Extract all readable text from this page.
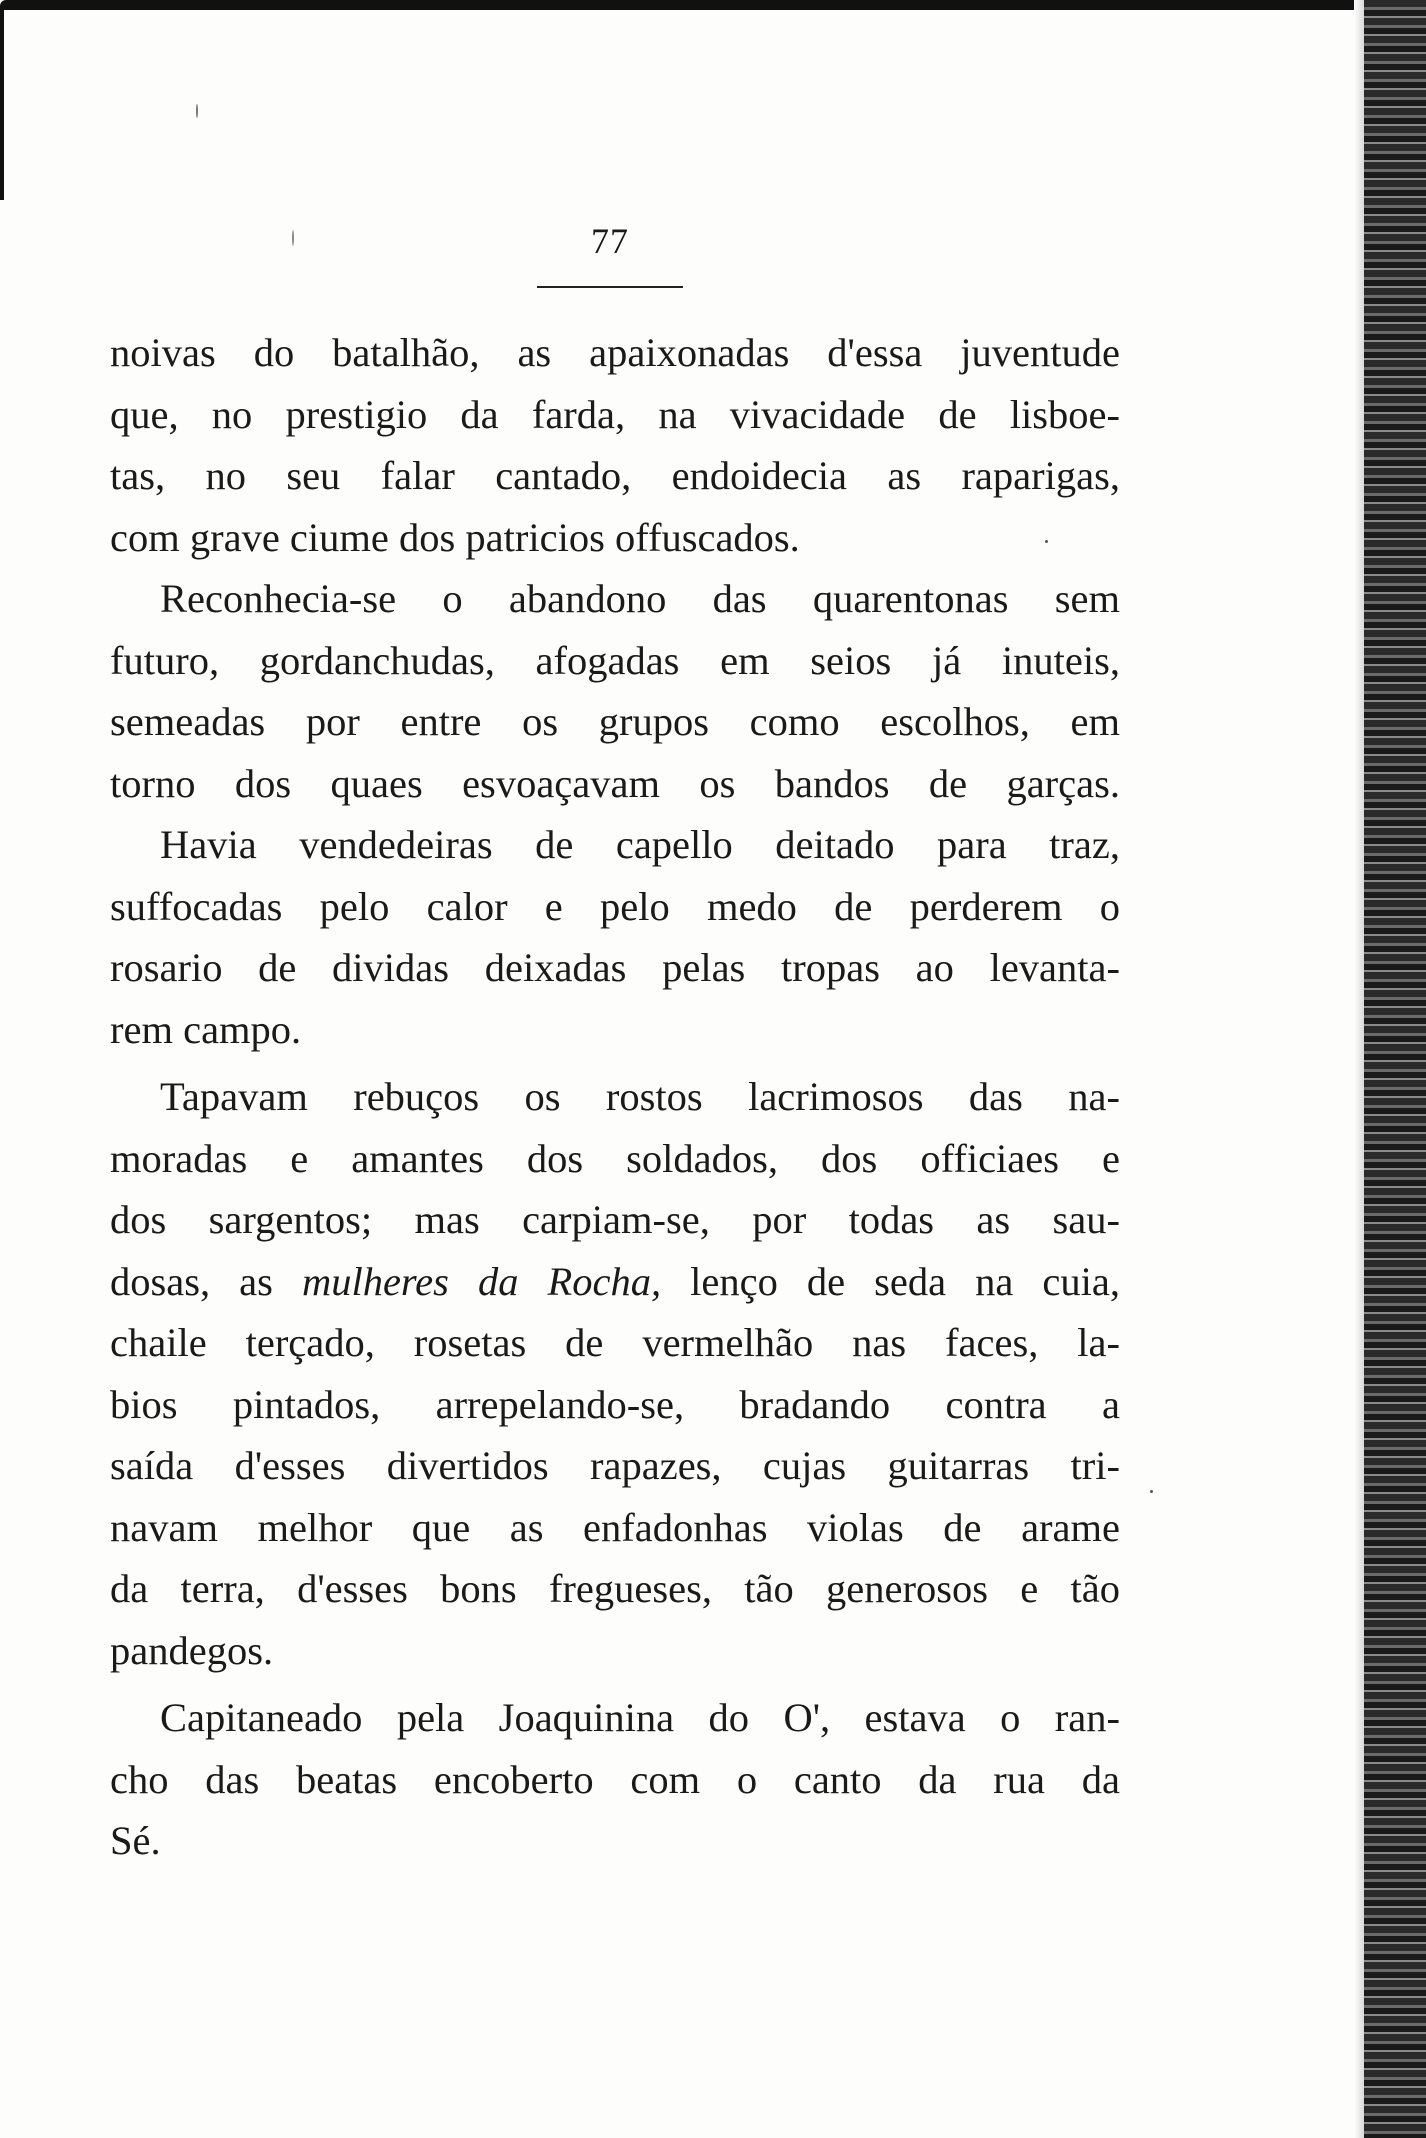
77

noivas do batalhão, as apaixonadas d'essa juventude
que, no prestigio da farda, na vivacidade de lisboe-
tas, no seu falar cantado, endoidecia as raparigas,
com grave ciume dos patricios offuscados.

Reconhecia-se o abandono das quarentonas sem
futuro, gordanchudas, afogadas em seios já inuteis,
semeadas por entre os grupos como escolhos, em
torno dos quaes esvoaçavam os bandos de garças.

Havia vendedeiras de capello deitado para traz,
suffocadas pelo calor e pelo medo de perderem o
rosario de dividas deixadas pelas tropas ao levanta-
rem campo.

Tapavam rebuços os rostos lacrimosos das na-
moradas e amantes dos soldados, dos officiaes e
dos sargentos; mas carpiam-se, por todas as sau-
dosas, as mulheres da Rocha, lenço de seda na cuia,
chaile terçado, rosetas de vermelhão nas faces, la-
bios pintados, arrepelando-se, bradando contra a
saída d'esses divertidos rapazes, cujas guitarras tri-
navam melhor que as enfadonhas violas de arame
da terra, d'esses bons fregueses, tão generosos e tão
pandegos.

Capitaneado pela Joaquinina do O', estava o ran-
cho das beatas encoberto com o canto da rua da
Sé.
